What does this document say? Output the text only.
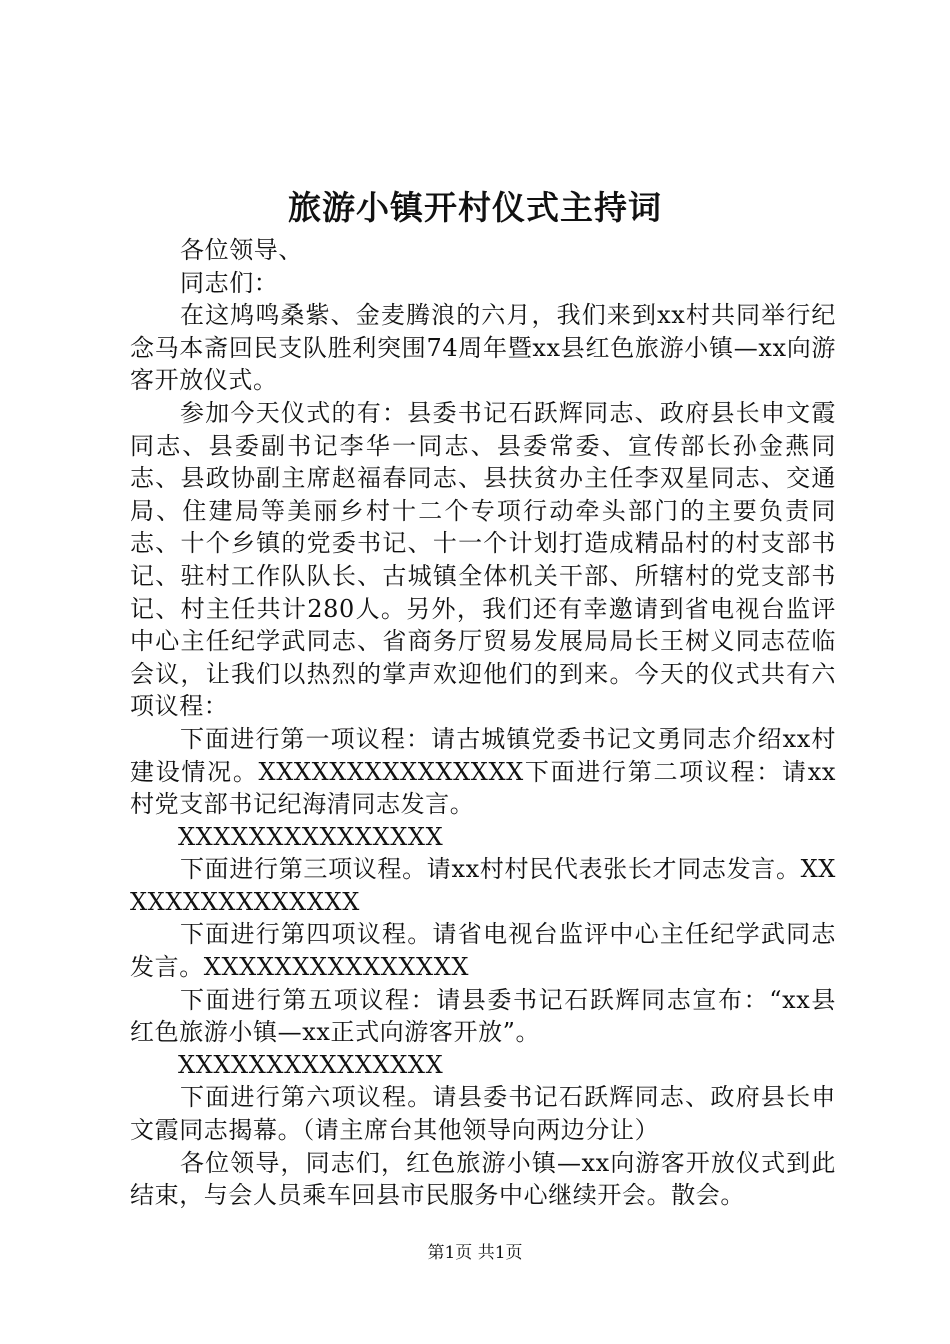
旅游小镇开村仪式主持词

各位领导、

同志们：

在这鸠鸣桑紫、金麦腾浪的六月，我们来到xx村共同举行纪念马本斋回民支队胜利突围74周年暨xx县红色旅游小镇—xx向游客开放仪式。

参加今天仪式的有：县委书记石跃辉同志、政府县长申文霞同志、县委副书记李华一同志、县委常委、宣传部长孙金燕同志、县政协副主席赵福春同志、县扶贫办主任李双星同志、交通局、住建局等美丽乡村十二个专项行动牵头部门的主要负责同志、十个乡镇的党委书记、十一个计划打造成精品村的村支部书记、驻村工作队队长、古城镇全体机关干部、所辖村的党支部书记、村主任共计280人。另外，我们还有幸邀请到省电视台监评中心主任纪学武同志、省商务厅贸易发展局局长王树义同志莅临会议，让我们以热烈的掌声欢迎他们的到来。今天的仪式共有六项议程：

下面进行第一项议程：请古城镇党委书记文勇同志介绍xx村建设情况。XXXXXXXXXXXXXXX下面进行第二项议程：请xx村党支部书记纪海清同志发言。

XXXXXXXXXXXXXXX

下面进行第三项议程。请xx村村民代表张长才同志发言。XXXXXXXXXXXXXXX

下面进行第四项议程。请省电视台监评中心主任纪学武同志发言。XXXXXXXXXXXXXXX

下面进行第五项议程：请县委书记石跃辉同志宣布：“xx县红色旅游小镇—xx正式向游客开放”。

XXXXXXXXXXXXXXX

下面进行第六项议程。请县委书记石跃辉同志、政府县长申文霞同志揭幕。（请主席台其他领导向两边分让）

各位领导，同志们，红色旅游小镇—xx向游客开放仪式到此结束，与会人员乘车回县市民服务中心继续开会。散会。

第1页 共1页
